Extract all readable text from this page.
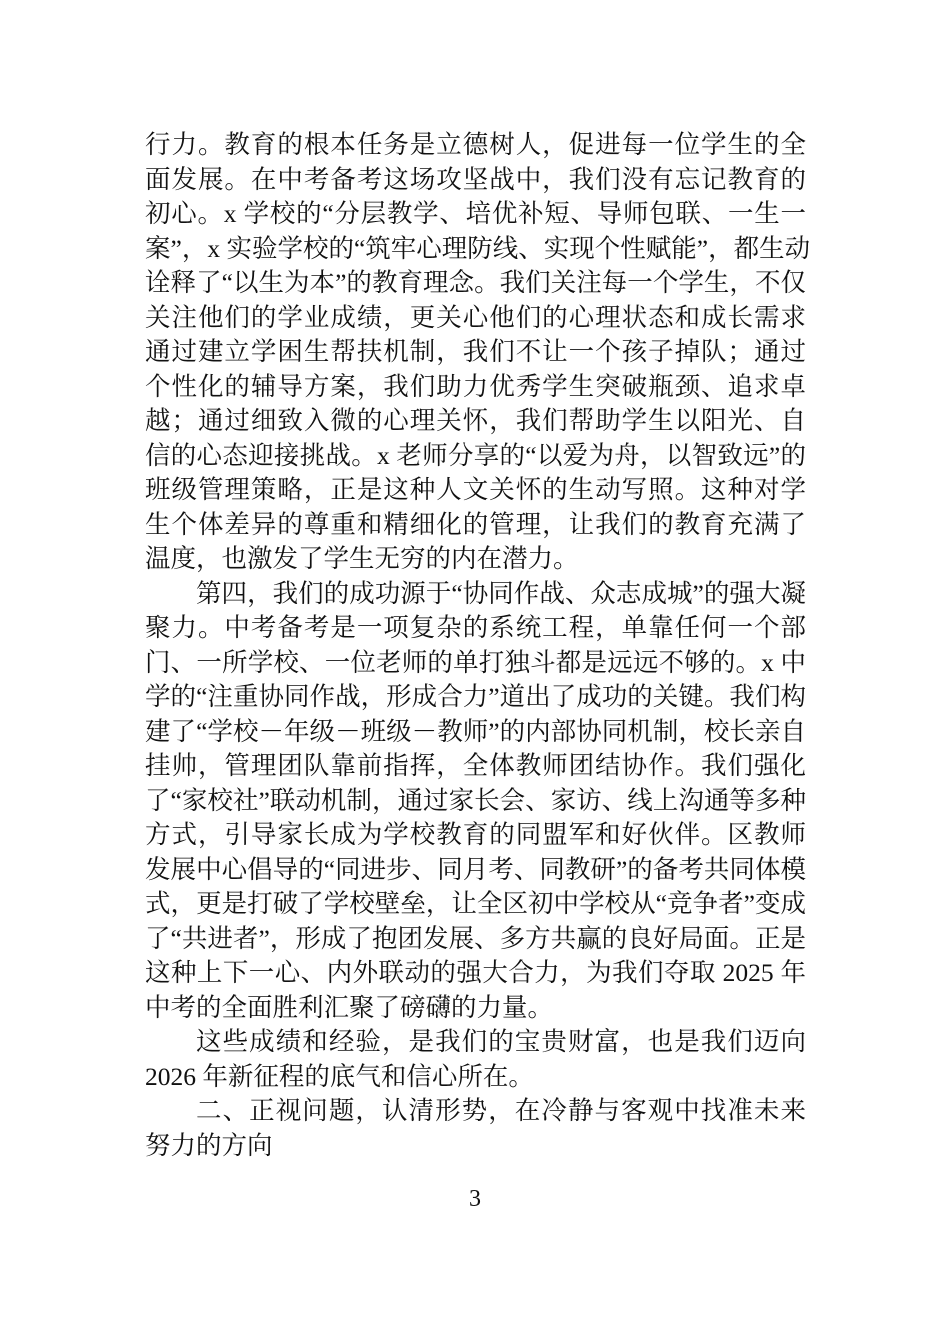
行力。教育的根本任务是立德树人，促进每一位学生的全
面发展。在中考备考这场攻坚战中，我们没有忘记教育的
初心。x 学校的“分层教学、培优补短、导师包联、一生一
案”，x 实验学校的“筑牢心理防线、实现个性赋能”，都生动
诠释了“以生为本”的教育理念。我们关注每一个学生，不仅
关注他们的学业成绩，更关心他们的心理状态和成长需求
通过建立学困生帮扶机制，我们不让一个孩子掉队；通过
个性化的辅导方案，我们助力优秀学生突破瓶颈、追求卓
越；通过细致入微的心理关怀，我们帮助学生以阳光、自
信的心态迎接挑战。x 老师分享的“以爱为舟，以智致远”的
班级管理策略，正是这种人文关怀的生动写照。这种对学
生个体差异的尊重和精细化的管理，让我们的教育充满了
温度，也激发了学生无穷的内在潜力。
第四，我们的成功源于“协同作战、众志成城”的强大凝
聚力。中考备考是一项复杂的系统工程，单靠任何一个部
门、一所学校、一位老师的单打独斗都是远远不够的。x 中
学的“注重协同作战，形成合力”道出了成功的关键。我们构
建了“学校－年级－班级－教师”的内部协同机制，校长亲自
挂帅，管理团队靠前指挥，全体教师团结协作。我们强化
了“家校社”联动机制，通过家长会、家访、线上沟通等多种
方式，引导家长成为学校教育的同盟军和好伙伴。区教师
发展中心倡导的“同进步、同月考、同教研”的备考共同体模
式，更是打破了学校壁垒，让全区初中学校从“竞争者”变成
了“共进者”，形成了抱团发展、多方共赢的良好局面。正是
这种上下一心、内外联动的强大合力，为我们夺取 2025 年
中考的全面胜利汇聚了磅礴的力量。
这些成绩和经验，是我们的宝贵财富，也是我们迈向
2026 年新征程的底气和信心所在。
二、正视问题，认清形势，在冷静与客观中找准未来
努力的方向
3
